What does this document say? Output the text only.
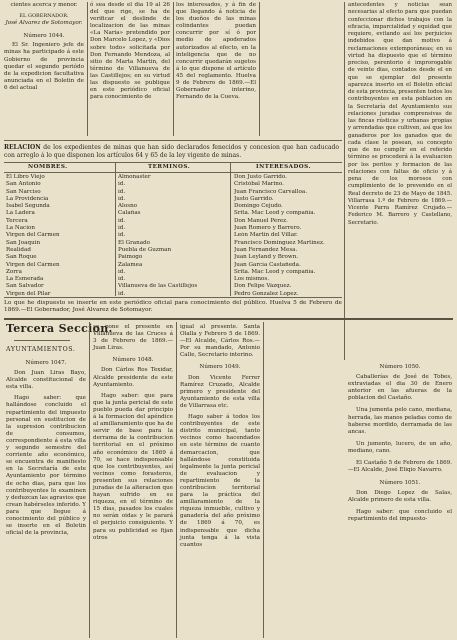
cientes acerca y menor.

EL GOBERNADOR.

José Alvarez de Sotomayor.

Número 1044.

El Sr. Ingeniero jefe de minas ha participado á este Gobierno de provincia quedar el segundo periódo de la expedicion facultativa anunciada en el Boletin de 6 del actual

ó sea desde el dia 19 al 26 del que rige, se ha de verificar el deslinde de localizacion de las minas «La Naria» pretendido por Don Marcelo Lopez, y «Dios sobre todo» solicitada por Don Fernando Mendoza, al sitio de Marta Martin, del término de Villanueva de las Castillejos; en su virtud las dispuesto se publique en este periódico oficial para conocimiento de

los interesados, y á fin de que llegando á noticia de los dueños de las minas colindantes puedan concurrir por sí ó por medio de apoderados autorizados al efecto, en la inteligencia que de no concurrir quedarán sugetos á lo que dispone el artículo 45 del reglamento. Huelva 9 de Febrero de 1869.—El Gobernador interino, Fernando de la Cueva.

antecedentes y noticias sean necesarias al efecto para que puedan confeccionar dichos trabajos con la eficacia, imparcialidad y equidad que requiere, evitando así los perjuicios indebidos que dan motivo á reclamaciones extemporáneas; en su virtud ha dispuesto que el término preciso, perentorio é improrogable de veinte dias, contados desde el en que se ejemplar del presente aparezca inserto en el Boletin oficial de esta provincia, presenten todos los contribuyentes en esta poblacion en la Secretaría del Ayuntamiento sus relaciones juradas comprensivas de las fincas rústicas y urbanas propias y arrendadas que cultiven, así que los ganaderos por los ganados que de cada clase le posean, su concepto que de no cumplir en el referido término se procederá á la evaluacion por los peritos y formacion de las relaciones con faltas de oficio y á pena de los morosos con cumplimiento de lo prevenido en el Real decreto de 23 de Mayo de 1845. Villarrasa 1.º de Febrero de 1869.—Vicente Parra Ramírez Crujado.—Federico M. Barrero y Castellano, Secretario.

RELACION de los expedientes de minas que han sido declarados fenecidos y concesion que han caducado con arreglo á lo que disponen los artículos 64 y 65 de la ley vigente de minas.
NOMBRES.	TERMINOS.	INTERESADOS.
El Libro Viejo
San Antonio
San Narciso
La Providencia
Isabel Segunda
La Ladera
Tercera
La Nacion
Virgen del Cármen
San Joaquin
Realidad
San Roque
Virgen del Cármen
Zorra
La Esmerada
San Salvador
Virgen del Pilar
Almonaster
íd.
íd.
íd.
Alosno
Calañas
íd.
íd.
íd.
El Granado
Puebla de Guzman
Paimogo
Zalamea
íd.
íd.
Villanueva de las Castillejos
íd.
Don Justo Garrido.
Cristóbal Marino.
Juan Francisco Carvalloa.
Justo Garrido.
Domingo Cejudo.
Srita. Mac Leod y compañía.
Don Manuel Pérez.
Juan Romero y Barrero.
León Martin del Villar.
Francisco Dominguez Martinez.
Juan Fernandez Mesa.
Juan Leyland y Brown.
Juan García Castañeda.
Srita. Mac Leod y compañía.
Los mismos.
Don Felipe Vázquez.
Pedro Gonzalez Lopez.
Lo que he dispuesto se inserte en este periódico oficial para conocimiento del público. Huelva 5 de Febrero de 1869.—El Gobernador, José Alvarez de Sotomayor.
Tercera Seccion.
AYUNTAMIENTOS.

Número 1047.

Don Juan Liras Bayo, Alcalde constitucional de esta villa.

Hago saber: que hallándose concluido el repartimiento del impuesto personal en sustitucion de la supresion contribucion de consumos, correspondiente á esta villa y segundo semestre del corriente año económico, se encuentra de manifiesto en la Secretaría de este Ayuntamiento por término de ocho dias, para que los contribuyentes lo examinen y deduzcan las agravios que crean habérseles inferido. Y para que llegue á conocimiento del público y se inserte en el Boletin oficial de la provincia,

se pone el presente en Villanueva de las Cruces á 3 de Febrero de 1869.—Juan Liras.

Número 1048.

Don Cárlos Ros Texidar, Alcalde presidente de este Ayuntamiento.

Hago saber: que para que la junta pericial de este pueblo pueda dar principio á la formacion del apéndice al amillaramiento que ha de servir de base para la derrama de la contribucion territorial en el próximo año económico de 1869 á 70, se hace indispensable que los contribuyentes, así vecinos como forasteros, presenten sus relaciones juradas de la alteracion que hayan sufrido en su riqueza, en el término de 15 dias, pasados los cuales no serán oidas y le parará el perjuicio consiguiente. Y para su publicidad se fijan otros

igual al presente. Santa Olalla y Febrero 5 de 1869.—El Alcalde, Cárlos Ros.—Por su mandado, Antonio Calle, Secretario interino.

Número 1049.

Don Vicente Ferrer Ramírez Cruzado, Alcalde primero y presidente del Ayuntamiento de esta villa de Villarrasa etc.

Hago saber á todos los contribuyentes de este distrito municipal, tanto vecinos como hacendados en este término de cuanto demarcacion, que hallándose constituida legalmente la junta pericial de evaluacion y repartimiento de la contribucion territorial para la práctica del amillaramiento de la riqueza inmueble, cultivo y ganadería del año próximo de 1869 á 70, es indispensable que dicha junta tenga á la vista cuantos

Número 1050.

Caballerías de José de Tobes, extraviadas el dia 30 de Enero anterior en las afueras de la poblacion del Castaño.

Una jumenta pelo cano, mediana, herrada, las manos peladas como de haberse mordido, derramada de las ancas.

Un jumento, lucero, de un año, mediano, cano.

El Castaño 5 de Febrero de 1869.—El Alcalde, José Eliqio Navarro.

Número 1051.

Don Diego Lopez de Salas, Alcalde primero de esta villa.

Hago saber: que concluido el repartimiento del impuesto-
